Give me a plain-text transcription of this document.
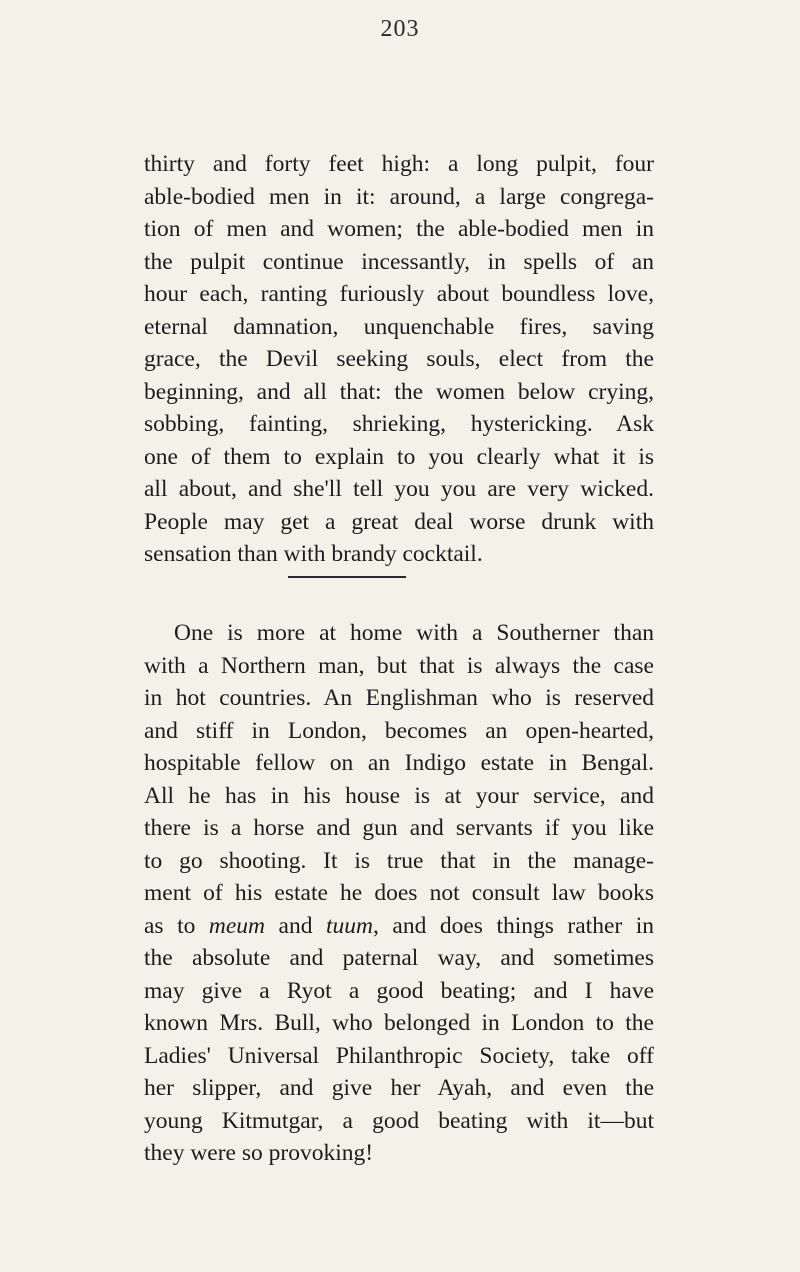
203
thirty and forty feet high: a long pulpit, four
able-bodied men in it: around, a large congrega-
tion of men and women; the able-bodied men in
the pulpit continue incessantly, in spells of an
hour each, ranting furiously about boundless love,
eternal damnation, unquenchable fires, saving
grace, the Devil seeking souls, elect from the
beginning, and all that: the women below crying,
sobbing, fainting, shrieking, hystericking. Ask
one of them to explain to you clearly what it is
all about, and she'll tell you you are very wicked.
People may get a great deal worse drunk with
sensation than with brandy cocktail.
One is more at home with a Southerner than
with a Northern man, but that is always the case
in hot countries. An Englishman who is reserved
and stiff in London, becomes an open-hearted,
hospitable fellow on an Indigo estate in Bengal.
All he has in his house is at your service, and
there is a horse and gun and servants if you like
to go shooting. It is true that in the manage-
ment of his estate he does not consult law books
as to meum and tuum, and does things rather in
the absolute and paternal way, and sometimes
may give a Ryot a good beating; and I have
known Mrs. Bull, who belonged in London to the
Ladies' Universal Philanthropic Society, take off
her slipper, and give her Ayah, and even the
young Kitmutgar, a good beating with it—but
they were so provoking!
